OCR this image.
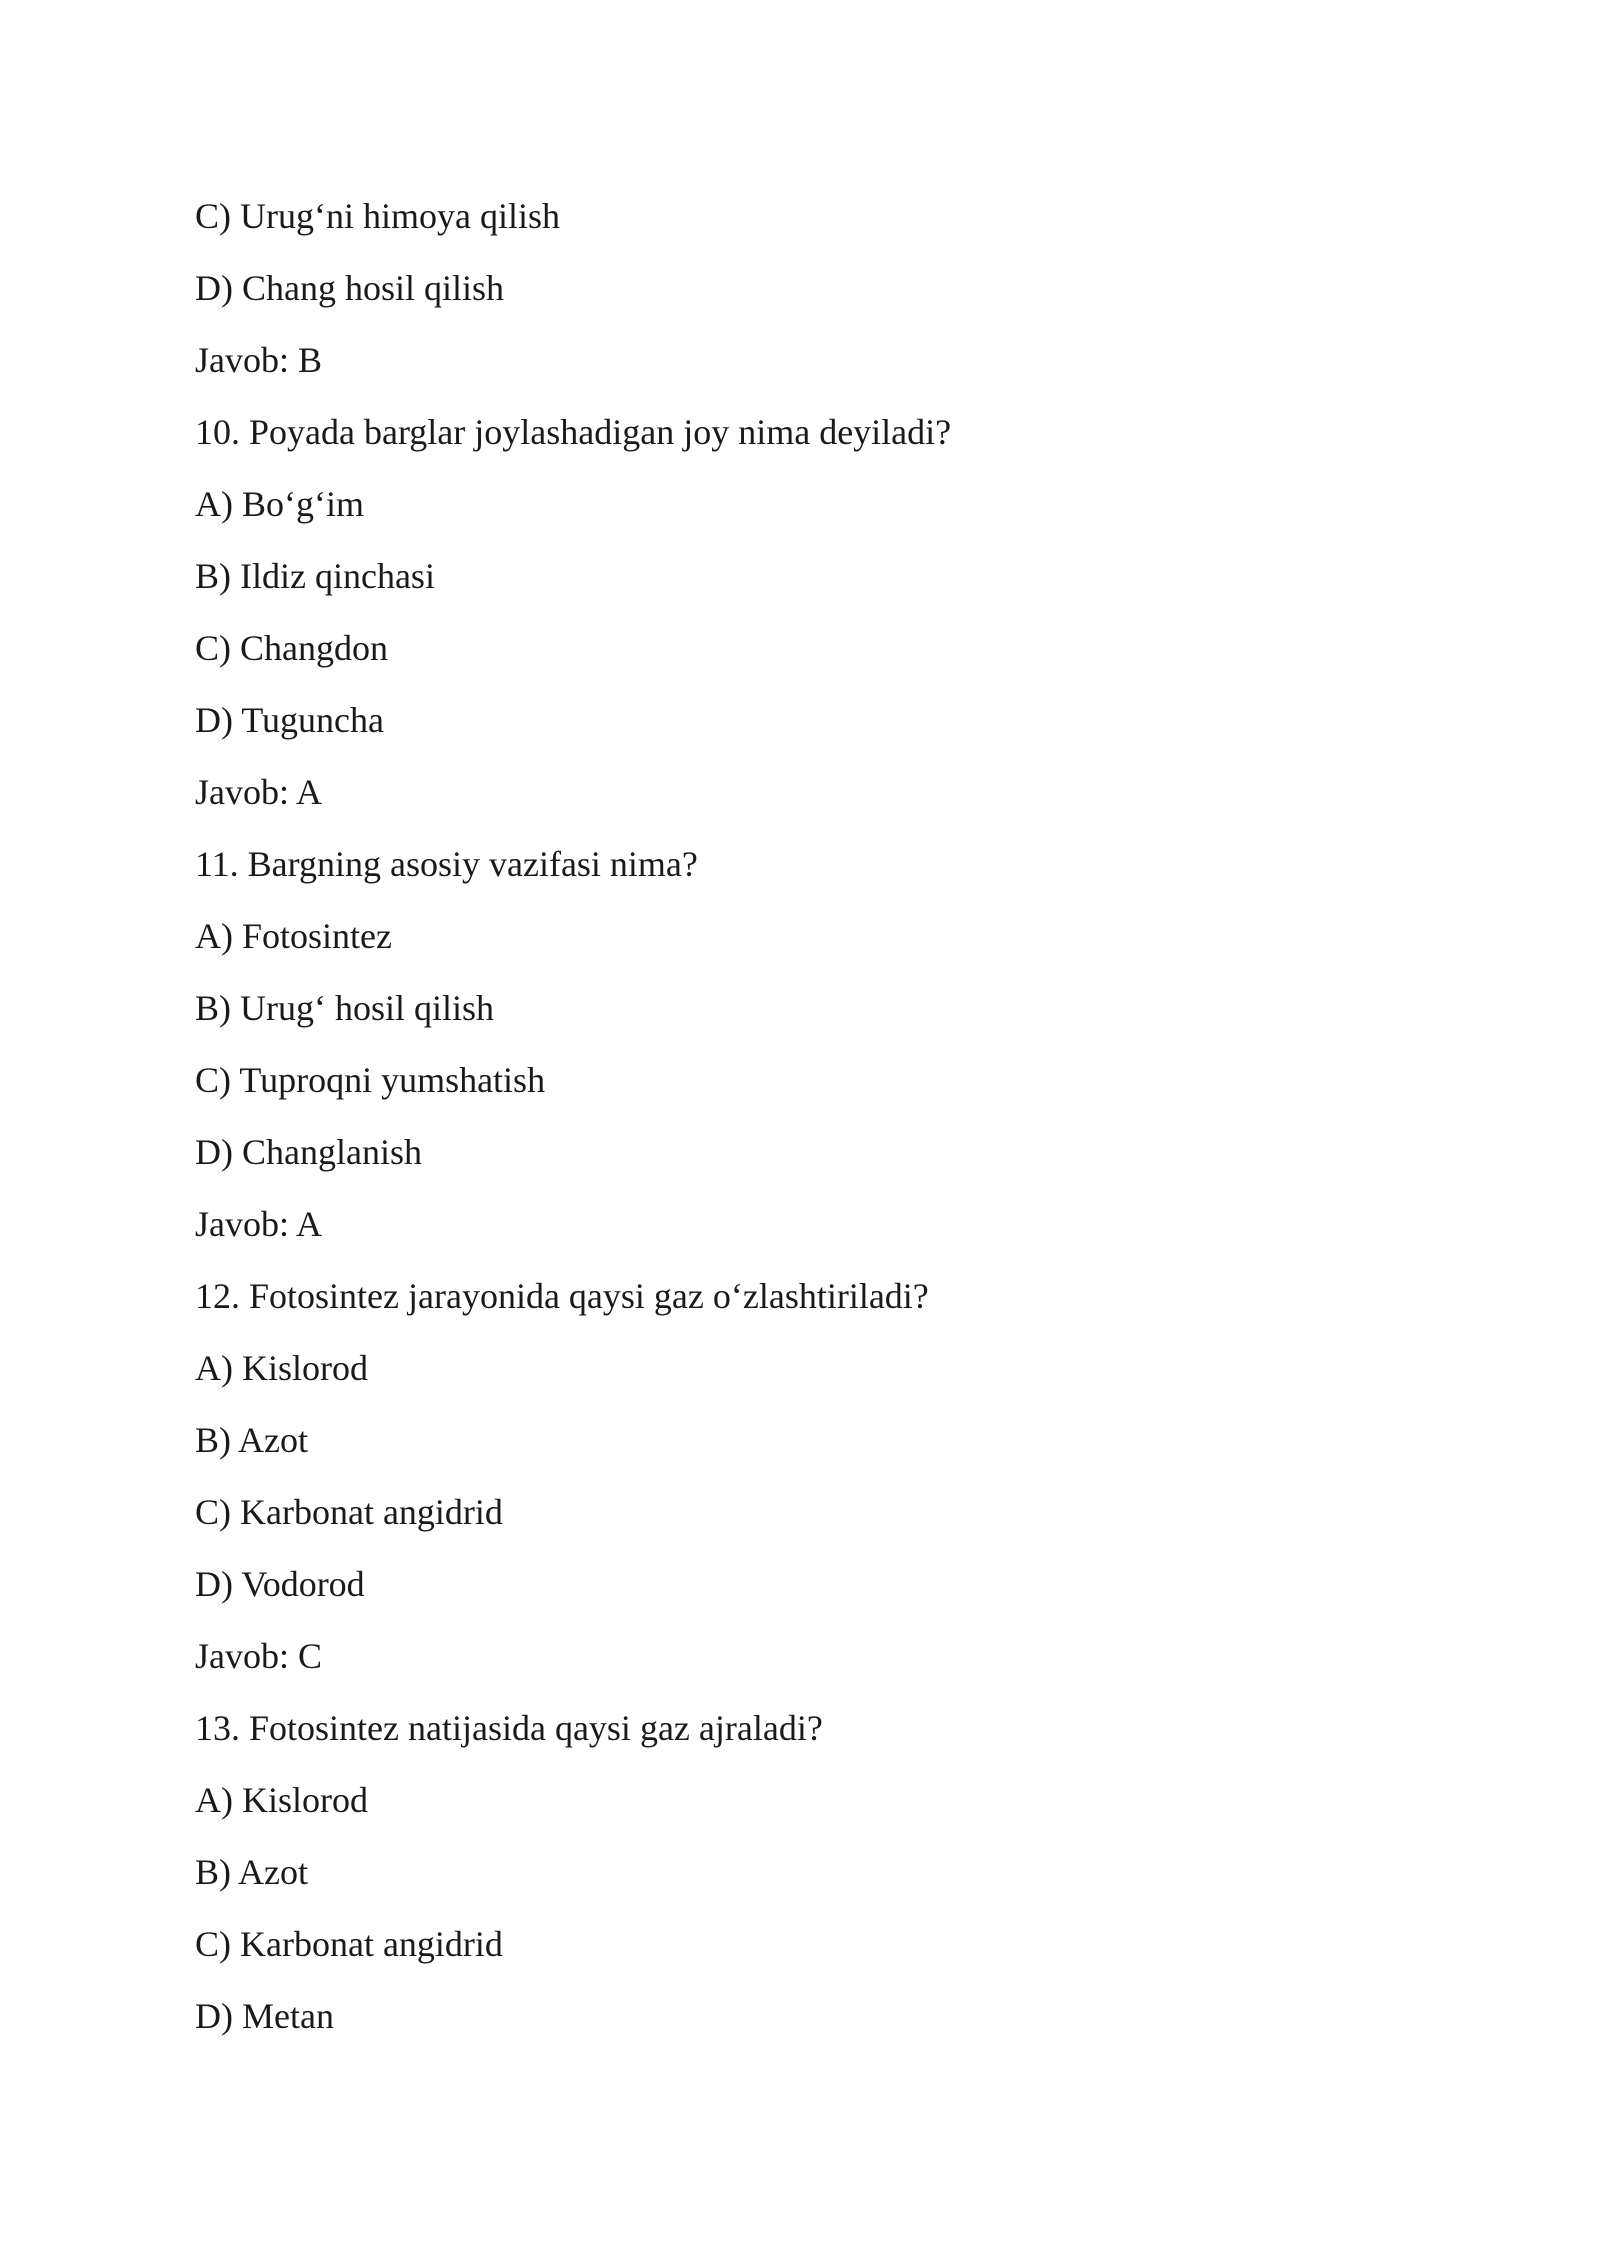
C) Urug‘ni himoya qilish
D) Chang hosil qilish
Javob: B
10. Poyada barglar joylashadigan joy nima deyiladi?
A) Bo‘g‘im
B) Ildiz qinchasi
C) Changdon
D) Tuguncha
Javob: A
11. Bargning asosiy vazifasi nima?
A) Fotosintez
B) Urug‘ hosil qilish
C) Tuproqni yumshatish
D) Changlanish
Javob: A
12. Fotosintez jarayonida qaysi gaz o‘zlashtiriladi?
A) Kislorod
B) Azot
C) Karbonat angidrid
D) Vodorod
Javob: C
13. Fotosintez natijasida qaysi gaz ajraladi?
A) Kislorod
B) Azot
C) Karbonat angidrid
D) Metan
